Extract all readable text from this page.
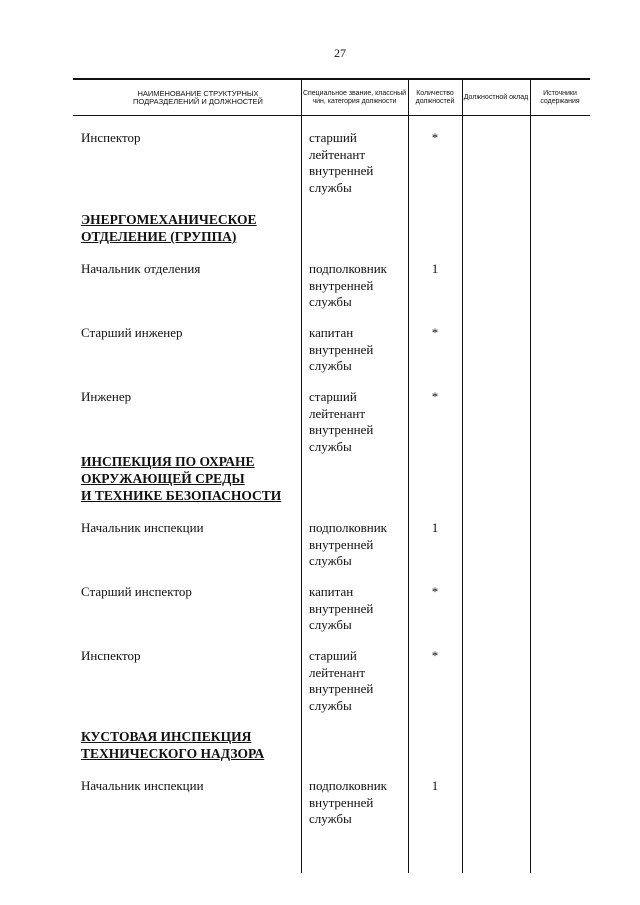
27
НАИМЕНОВАНИЕ СТРУКТУРНЫХ ПОДРАЗДЕЛЕНИЙ И ДОЛЖНОСТЕЙ
Специальное звание, классный чин, категория должности
Количество должностей
Должностной оклад
Источники содержания
Инспектор	старший
лейтенант
внутренней
службы
*
ЭНЕРГОМЕХАНИЧЕСКОЕ
ОТДЕЛЕНИЕ (ГРУППА)
Начальник отделения	подполковник
внутренней
службы
1
Старший инженер	капитан
внутренней
службы
*
Инженер	старший
лейтенант
внутренней
службы
*
ИНСПЕКЦИЯ ПО ОХРАНЕ
ОКРУЖАЮЩЕЙ СРЕДЫ
И ТЕХНИКЕ БЕЗОПАСНОСТИ
Начальник инспекции	подполковник
внутренней
службы
1
Старший инспектор	капитан
внутренней
службы
*
Инспектор	старший
лейтенант
внутренней
службы
*
КУСТОВАЯ ИНСПЕКЦИЯ
ТЕХНИЧЕСКОГО НАДЗОРА
Начальник инспекции	подполковник
внутренней
службы
1
